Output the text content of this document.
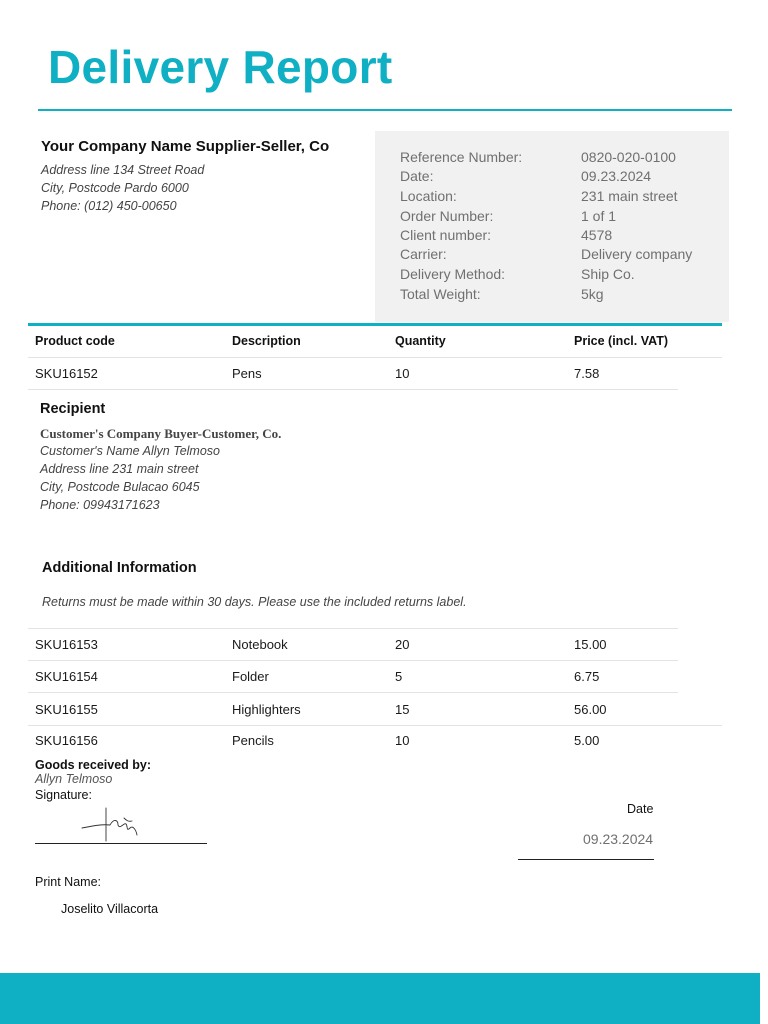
Delivery Report
Your Company Name Supplier-Seller, Co
Address line 134 Street Road
City, Postcode Pardo 6000
Phone: (012) 450-00650
Reference Number:	0820-020-0100
Date:	09.23.2024
Location:	231 main street
Order Number:	1 of 1
Client number:	4578
Carrier:	Delivery company
Delivery Method:	Ship Co.
Total Weight:	5kg
Product code	Description	Quantity	Price (incl. VAT)
SKU16152	Pens	10	7.58
Recipient
Customer's Company Buyer-Customer, Co.
Customer's Name Allyn Telmoso
Address line 231 main street
City, Postcode Bulacao 6045
Phone: 09943171623
Additional Information
Returns must be made within 30 days. Please use the included returns label.
SKU16153	Notebook	20	15.00
SKU16154	Folder	5	6.75
SKU16155	Highlighters	15	56.00
SKU16156	Pencils	10	5.00
Goods received by:
Allyn Telmoso
Signature:
Date
09.23.2024
Print Name:
Joselito Villacorta
